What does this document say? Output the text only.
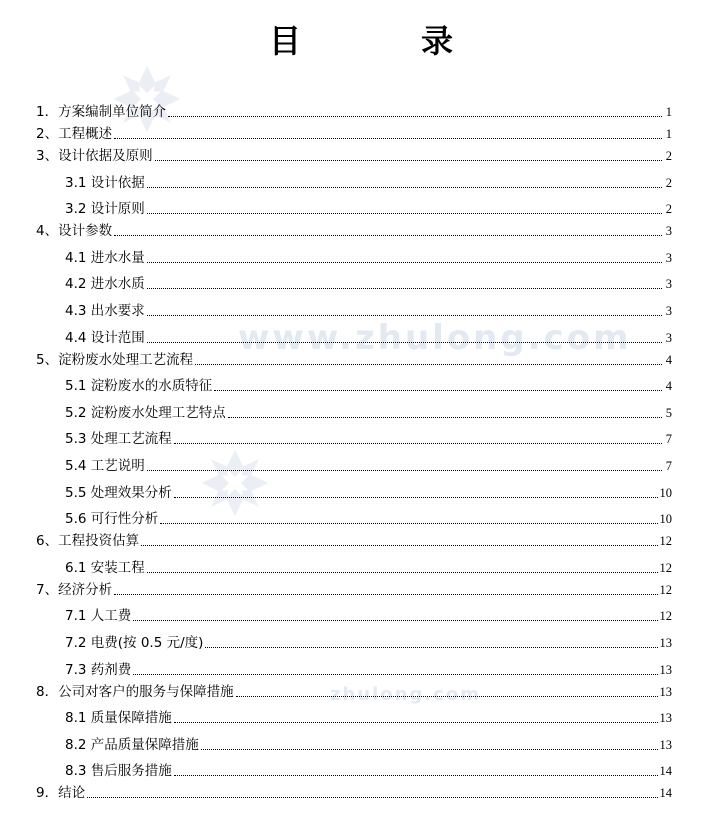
目　录
www.zhulong.com
zhulong.com
1．方案编制单位简介	1
2、工程概述	1
3、设计依据及原则	2
3.1 设计依据	2
3.2 设计原则	2
4、设计参数	3
4.1 进水水量	3
4.2 进水水质	3
4.3 出水要求	3
4.4 设计范围	3
5、淀粉废水处理工艺流程	4
5.1 淀粉废水的水质特征	4
5.2 淀粉废水处理工艺特点	5
5.3 处理工艺流程	7
5.4 工艺说明	7
5.5 处理效果分析	10
5.6 可行性分析	10
6、工程投资估算	12
6.1 安装工程	12
7、经济分析	12
7.1 人工费	12
7.2 电费(按 0.5 元/度)	13
7.3 药剂费	13
8．公司对客户的服务与保障措施	13
8.1 质量保障措施	13
8.2 产品质量保障措施	13
8.3 售后服务措施	14
9．结论	14
